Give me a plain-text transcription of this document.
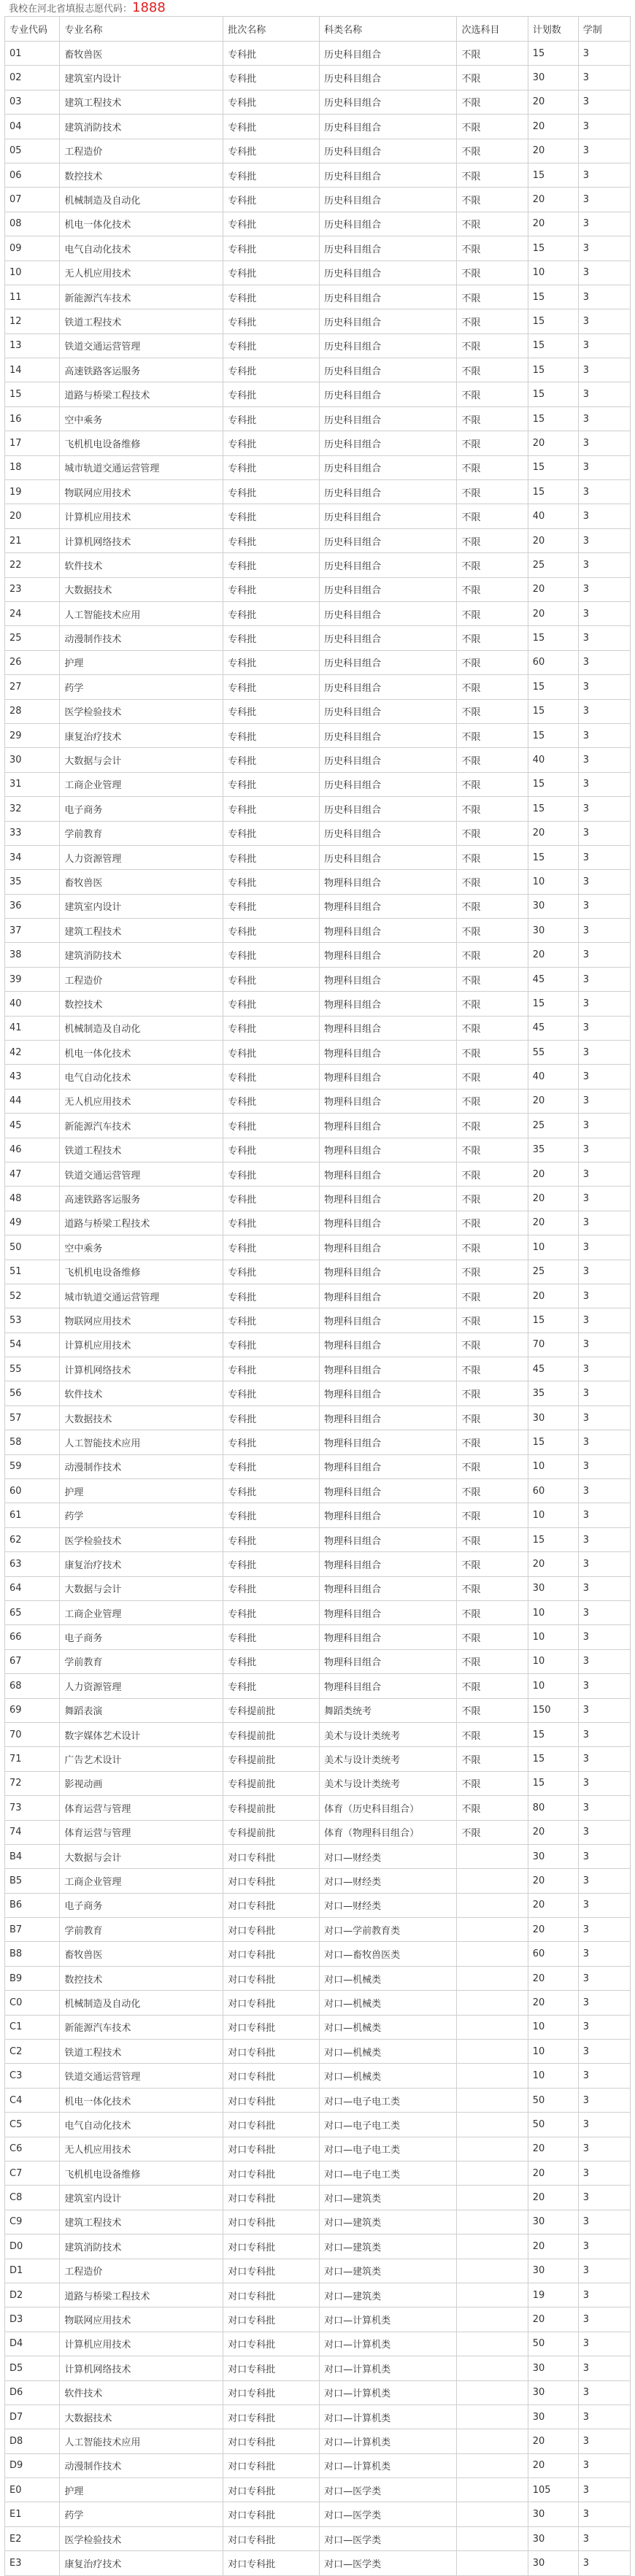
我校在河北省填报志愿代码：1888
专业代码	专业名称	批次名称	科类名称	次选科目	计划数	学制
01	畜牧兽医	专科批	历史科目组合	不限	15	3
02	建筑室内设计	专科批	历史科目组合	不限	30	3
03	建筑工程技术	专科批	历史科目组合	不限	20	3
04	建筑消防技术	专科批	历史科目组合	不限	20	3
05	工程造价	专科批	历史科目组合	不限	20	3
06	数控技术	专科批	历史科目组合	不限	15	3
07	机械制造及自动化	专科批	历史科目组合	不限	20	3
08	机电一体化技术	专科批	历史科目组合	不限	20	3
09	电气自动化技术	专科批	历史科目组合	不限	15	3
10	无人机应用技术	专科批	历史科目组合	不限	10	3
11	新能源汽车技术	专科批	历史科目组合	不限	15	3
12	铁道工程技术	专科批	历史科目组合	不限	15	3
13	铁道交通运营管理	专科批	历史科目组合	不限	15	3
14	高速铁路客运服务	专科批	历史科目组合	不限	15	3
15	道路与桥梁工程技术	专科批	历史科目组合	不限	15	3
16	空中乘务	专科批	历史科目组合	不限	15	3
17	飞机机电设备维修	专科批	历史科目组合	不限	20	3
18	城市轨道交通运营管理	专科批	历史科目组合	不限	15	3
19	物联网应用技术	专科批	历史科目组合	不限	15	3
20	计算机应用技术	专科批	历史科目组合	不限	40	3
21	计算机网络技术	专科批	历史科目组合	不限	20	3
22	软件技术	专科批	历史科目组合	不限	25	3
23	大数据技术	专科批	历史科目组合	不限	20	3
24	人工智能技术应用	专科批	历史科目组合	不限	20	3
25	动漫制作技术	专科批	历史科目组合	不限	15	3
26	护理	专科批	历史科目组合	不限	60	3
27	药学	专科批	历史科目组合	不限	15	3
28	医学检验技术	专科批	历史科目组合	不限	15	3
29	康复治疗技术	专科批	历史科目组合	不限	15	3
30	大数据与会计	专科批	历史科目组合	不限	40	3
31	工商企业管理	专科批	历史科目组合	不限	15	3
32	电子商务	专科批	历史科目组合	不限	15	3
33	学前教育	专科批	历史科目组合	不限	20	3
34	人力资源管理	专科批	历史科目组合	不限	15	3
35	畜牧兽医	专科批	物理科目组合	不限	10	3
36	建筑室内设计	专科批	物理科目组合	不限	30	3
37	建筑工程技术	专科批	物理科目组合	不限	30	3
38	建筑消防技术	专科批	物理科目组合	不限	20	3
39	工程造价	专科批	物理科目组合	不限	45	3
40	数控技术	专科批	物理科目组合	不限	15	3
41	机械制造及自动化	专科批	物理科目组合	不限	45	3
42	机电一体化技术	专科批	物理科目组合	不限	55	3
43	电气自动化技术	专科批	物理科目组合	不限	40	3
44	无人机应用技术	专科批	物理科目组合	不限	20	3
45	新能源汽车技术	专科批	物理科目组合	不限	25	3
46	铁道工程技术	专科批	物理科目组合	不限	35	3
47	铁道交通运营管理	专科批	物理科目组合	不限	20	3
48	高速铁路客运服务	专科批	物理科目组合	不限	20	3
49	道路与桥梁工程技术	专科批	物理科目组合	不限	20	3
50	空中乘务	专科批	物理科目组合	不限	10	3
51	飞机机电设备维修	专科批	物理科目组合	不限	25	3
52	城市轨道交通运营管理	专科批	物理科目组合	不限	20	3
53	物联网应用技术	专科批	物理科目组合	不限	15	3
54	计算机应用技术	专科批	物理科目组合	不限	70	3
55	计算机网络技术	专科批	物理科目组合	不限	45	3
56	软件技术	专科批	物理科目组合	不限	35	3
57	大数据技术	专科批	物理科目组合	不限	30	3
58	人工智能技术应用	专科批	物理科目组合	不限	15	3
59	动漫制作技术	专科批	物理科目组合	不限	10	3
60	护理	专科批	物理科目组合	不限	60	3
61	药学	专科批	物理科目组合	不限	10	3
62	医学检验技术	专科批	物理科目组合	不限	15	3
63	康复治疗技术	专科批	物理科目组合	不限	20	3
64	大数据与会计	专科批	物理科目组合	不限	30	3
65	工商企业管理	专科批	物理科目组合	不限	10	3
66	电子商务	专科批	物理科目组合	不限	10	3
67	学前教育	专科批	物理科目组合	不限	10	3
68	人力资源管理	专科批	物理科目组合	不限	10	3
69	舞蹈表演	专科提前批	舞蹈类统考	不限	150	3
70	数字媒体艺术设计	专科提前批	美术与设计类统考	不限	15	3
71	广告艺术设计	专科提前批	美术与设计类统考	不限	15	3
72	影视动画	专科提前批	美术与设计类统考	不限	15	3
73	体育运营与管理	专科提前批	体育（历史科目组合）	不限	80	3
74	体育运营与管理	专科提前批	体育（物理科目组合）	不限	20	3
B4	大数据与会计	对口专科批	对口—财经类		30	3
B5	工商企业管理	对口专科批	对口—财经类		20	3
B6	电子商务	对口专科批	对口—财经类		20	3
B7	学前教育	对口专科批	对口—学前教育类		20	3
B8	畜牧兽医	对口专科批	对口—畜牧兽医类		60	3
B9	数控技术	对口专科批	对口—机械类		20	3
C0	机械制造及自动化	对口专科批	对口—机械类		20	3
C1	新能源汽车技术	对口专科批	对口—机械类		10	3
C2	铁道工程技术	对口专科批	对口—机械类		10	3
C3	铁道交通运营管理	对口专科批	对口—机械类		10	3
C4	机电一体化技术	对口专科批	对口—电子电工类		50	3
C5	电气自动化技术	对口专科批	对口—电子电工类		50	3
C6	无人机应用技术	对口专科批	对口—电子电工类		20	3
C7	飞机机电设备维修	对口专科批	对口—电子电工类		20	3
C8	建筑室内设计	对口专科批	对口—建筑类		20	3
C9	建筑工程技术	对口专科批	对口—建筑类		30	3
D0	建筑消防技术	对口专科批	对口—建筑类		20	3
D1	工程造价	对口专科批	对口—建筑类		30	3
D2	道路与桥梁工程技术	对口专科批	对口—建筑类		19	3
D3	物联网应用技术	对口专科批	对口—计算机类		20	3
D4	计算机应用技术	对口专科批	对口—计算机类		50	3
D5	计算机网络技术	对口专科批	对口—计算机类		30	3
D6	软件技术	对口专科批	对口—计算机类		30	3
D7	大数据技术	对口专科批	对口—计算机类		30	3
D8	人工智能技术应用	对口专科批	对口—计算机类		20	3
D9	动漫制作技术	对口专科批	对口—计算机类		20	3
E0	护理	对口专科批	对口—医学类		105	3
E1	药学	对口专科批	对口—医学类		30	3
E2	医学检验技术	对口专科批	对口—医学类		30	3
E3	康复治疗技术	对口专科批	对口—医学类		30	3
